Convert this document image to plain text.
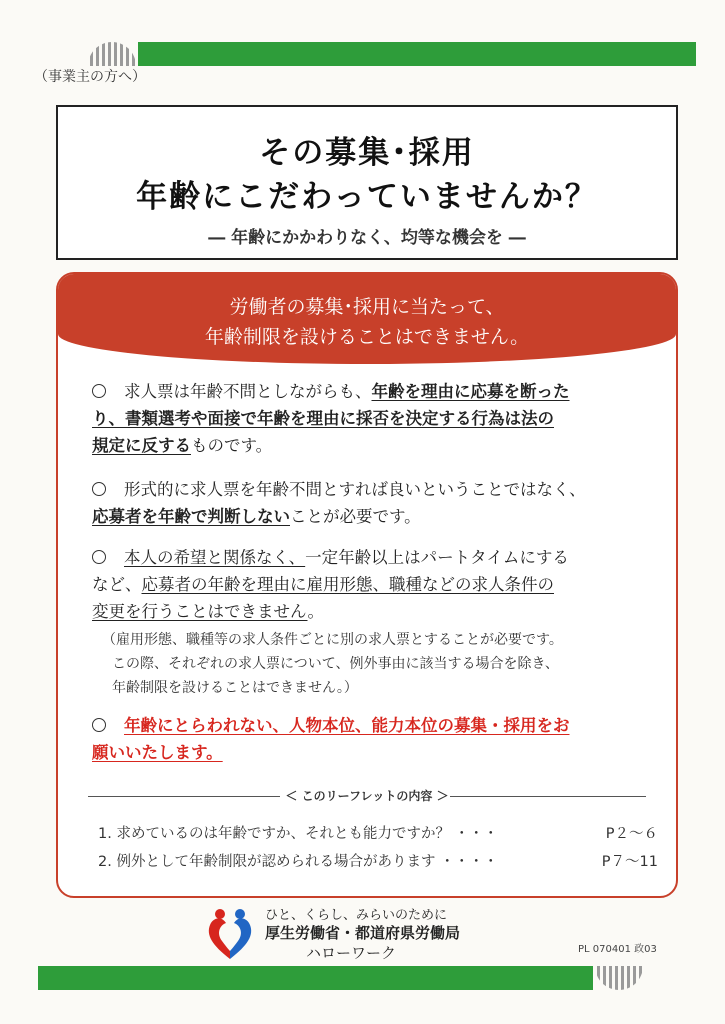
（事業主の方へ）
その募集･採用
年齢にこだわっていませんか？
― 年齢にかかわりなく、均等な機会を ―
労働者の募集･採用に当たって、
年齢制限を設けることはできません。
求人票は年齢不問としながらも、年齢を理由に応募を断った
り、書類選考や面接で年齢を理由に採否を決定する行為は法の
規定に反するものです。
形式的に求人票を年齢不問とすれば良いということではなく、
応募者を年齢で判断しないことが必要です。
本人の希望と関係なく、一定年齢以上はパートタイムにする
など、応募者の年齢を理由に雇用形態、職種などの求人条件の
変更を行うことはできません。
（雇用形態、職種等の求人条件ごとに別の求人票とすることが必要です。
この際、それぞれの求人票について、例外事由に該当する場合を除き、
年齢制限を設けることはできません。）
年齢にとらわれない、人物本位、能力本位の募集・採用をお
願いいたします。
＜ このリーフレットの内容 ＞
1. 求めているのは年齢ですか、それとも能力ですか？ ・・・	P２～６
2. 例外として年齢制限が認められる場合があります ・・・・	P７～11
ひと、くらし、みらいのために
厚生労働省・都道府県労働局
ハローワーク	PL 070401 政03
